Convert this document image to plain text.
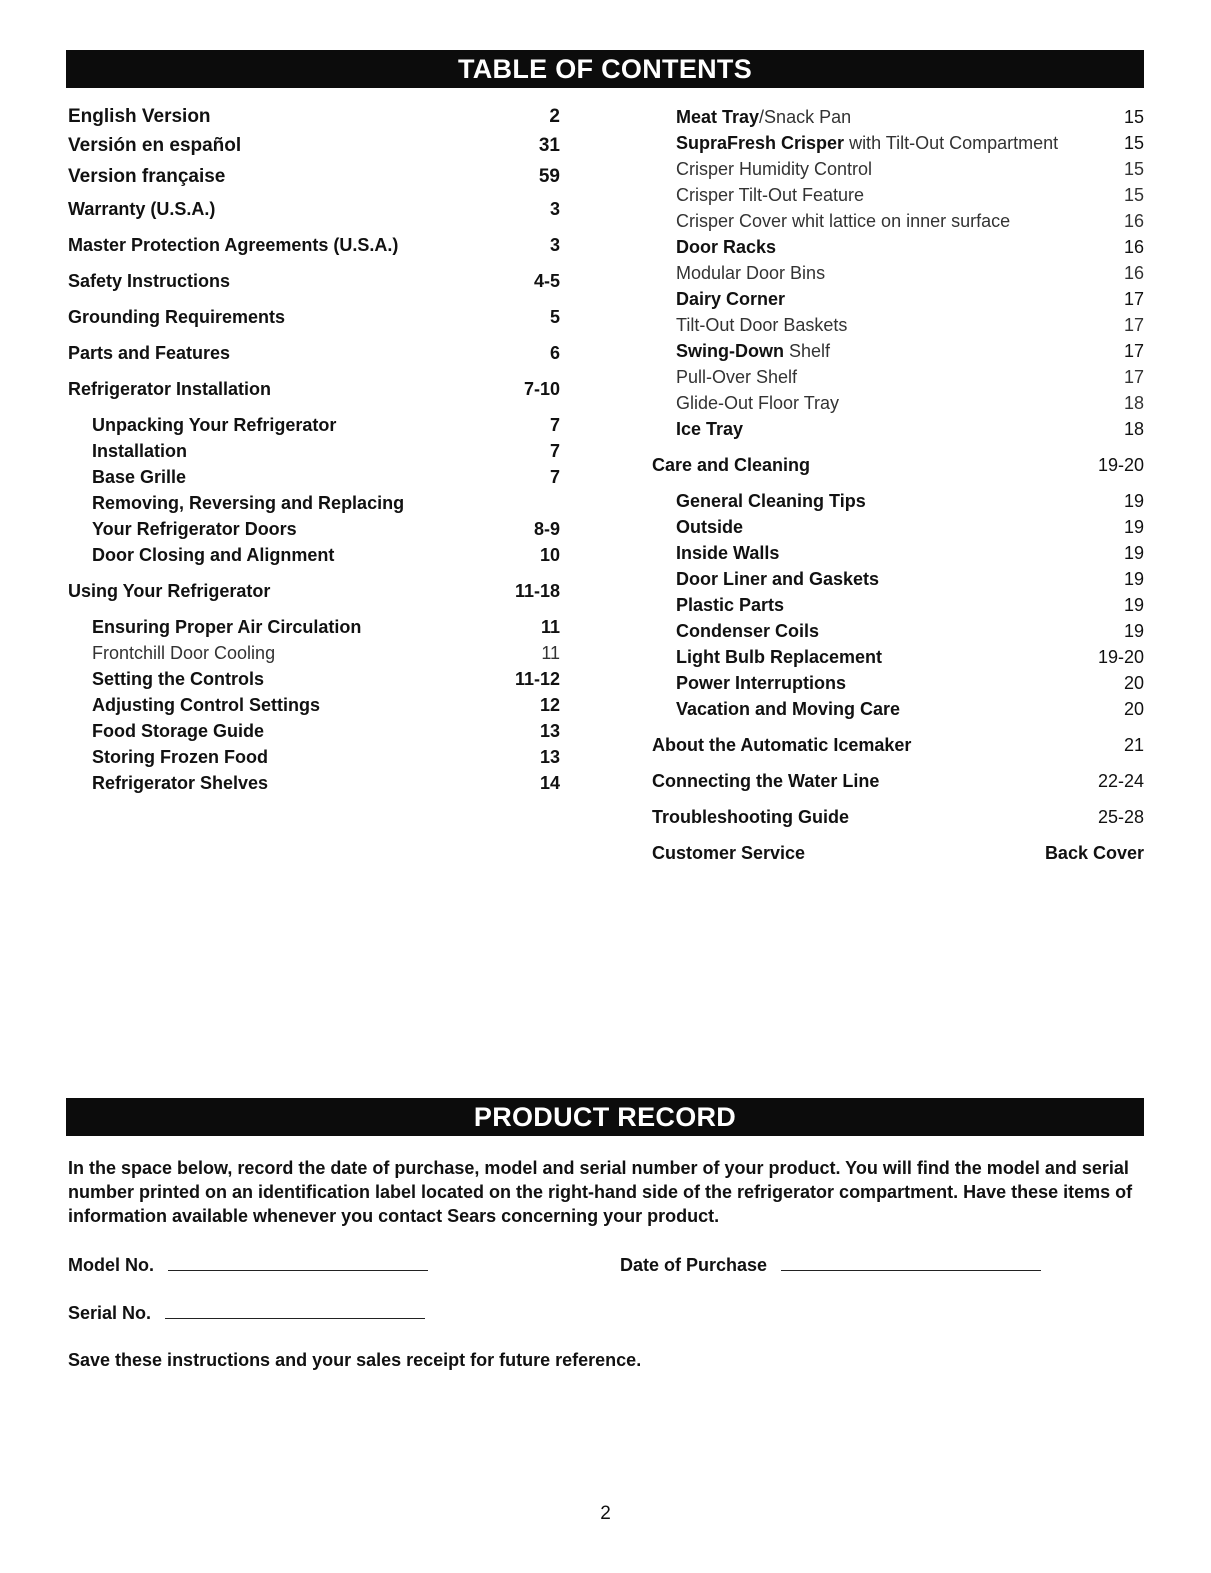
TABLE OF CONTENTS
English Version	2
Versión en español	31
Version française	59
Warranty (U.S.A.)	3
Master Protection Agreements (U.S.A.)	3
Safety Instructions	4-5
Grounding Requirements	5
Parts and Features	6
Refrigerator Installation	7-10
Unpacking Your Refrigerator	7
Installation	7
Base Grille	7
Removing, Reversing and Replacing
Your Refrigerator Doors	8-9
Door Closing and Alignment	10
Using Your Refrigerator	11-18
Ensuring Proper Air Circulation	11
Frontchill Door Cooling	11
Setting the Controls	11-12
Adjusting Control Settings	12
Food Storage Guide	13
Storing Frozen Food	13
Refrigerator Shelves	14
Meat Tray/Snack Pan	15
SupraFresh Crisper with Tilt-Out Compartment	15
Crisper Humidity Control	15
Crisper Tilt-Out Feature	15
Crisper Cover whit lattice on inner surface	16
Door Racks	16
Modular Door Bins	16
Dairy Corner	17
Tilt-Out Door Baskets	17
Swing-Down Shelf	17
Pull-Over Shelf	17
Glide-Out Floor Tray	18
Ice Tray	18
Care and Cleaning	19-20
General Cleaning Tips	19
Outside	19
Inside Walls	19
Door Liner and Gaskets	19
Plastic Parts	19
Condenser Coils	19
Light Bulb Replacement	19-20
Power Interruptions	20
Vacation and Moving Care	20
About the Automatic Icemaker	21
Connecting the Water Line	22-24
Troubleshooting Guide	25-28
Customer Service	Back Cover
PRODUCT RECORD
In the space below, record the date of purchase, model and serial number of your product. You will find the model and serial number printed on an identification label located on the right-hand side of the refrigerator compartment. Have these items of information available whenever you contact Sears concerning your product.
Model No.	Date of Purchase
Serial No.
Save these instructions and your sales receipt for future reference.
2
